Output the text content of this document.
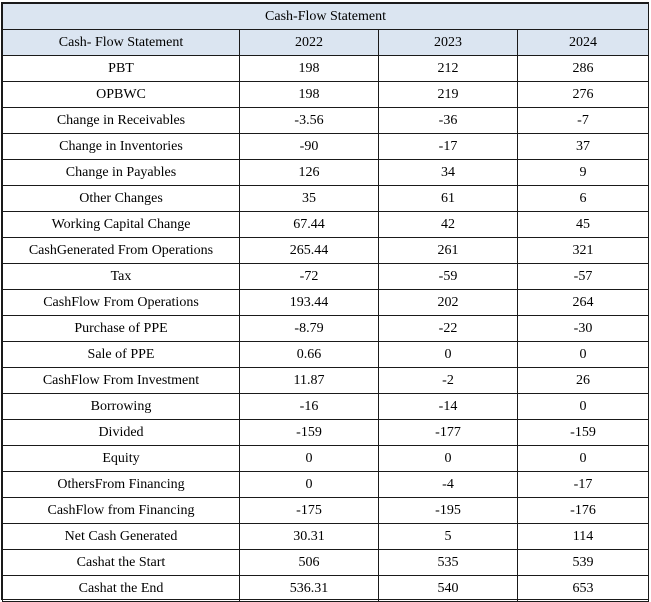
Cash-Flow Statement			
Cash- Flow Statement	2022	2023	2024
PBT	198	212	286
OPBWC	198	219	276
Change in Receivables	-3.56	-36	-7
Change in Inventories	-90	-17	37
Change in Payables	126	34	9
Other Changes	35	61	6
Working Capital Change	67.44	42	45
CashGenerated From Operations	265.44	261	321
Tax	-72	-59	-57
CashFlow From Operations	193.44	202	264
Purchase of PPE	-8.79	-22	-30
Sale of PPE	0.66	0	0
CashFlow From Investment	11.87	-2	26
Borrowing	-16	-14	0
Divided	-159	-177	-159
Equity	0	0	0
OthersFrom Financing	0	-4	-17
CashFlow from Financing	-175	-195	-176
Net Cash Generated	30.31	5	114
Cashat the Start	506	535	539
Cashat the End	536.31	540	653
